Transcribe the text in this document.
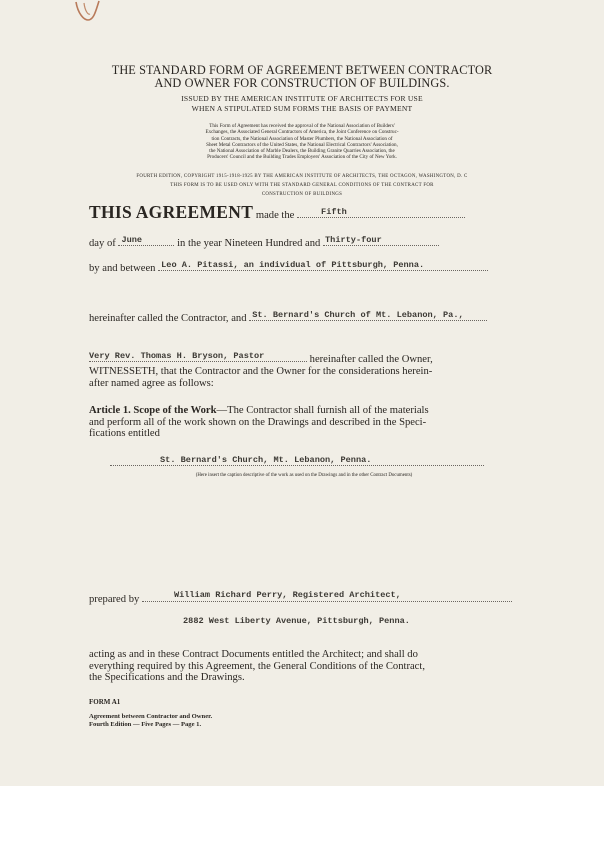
THE STANDARD FORM OF AGREEMENT BETWEEN CONTRACTOR
AND OWNER FOR CONSTRUCTION OF BUILDINGS.
ISSUED BY THE AMERICAN INSTITUTE OF ARCHITECTS FOR USE
WHEN A STIPULATED SUM FORMS THE BASIS OF PAYMENT
This Form of Agreement has received the approval of the National Association of Builders'
Exchanges, the Associated General Contractors of America, the Joint Conference on Construc-
tion Contracts, the National Association of Master Plumbers, the National Association of
Sheet Metal Contractors of the United States, the National Electrical Contractors' Association,
the National Association of Marble Dealers, the Building Granite Quarries Association, the
Producers' Council and the Building Trades Employers' Association of the City of New York.
FOURTH EDITION, COPYRIGHT 1915-1918-1925 BY THE AMERICAN INSTITUTE OF ARCHITECTS, THE OCTAGON, WASHINGTON, D. C
THIS FORM IS TO BE USED ONLY WITH THE STANDARD GENERAL CONDITIONS OF THE CONTRACT FOR
CONSTRUCTION OF BUILDINGS
THIS AGREEMENT made the	Fifth
day of June	in the year Nineteen Hundred and Thirty-four
by and between Leo A. Pitassi, an individual of Pittsburgh, Penna.
hereinafter called the Contractor, and St. Bernard's Church of Mt. Lebanon, Pa.,
Very Rev. Thomas H. Bryson, Pastor	hereinafter called the Owner,
WITNESSETH, that the Contractor and the Owner for the considerations herein-
after named agree as follows:
Article 1. Scope of the Work—The Contractor shall furnish all of the materials
and perform all of the work shown on the Drawings and described in the Speci-
fications entitled
St. Bernard's Church, Mt. Lebanon, Penna.
(Here insert the caption descriptive of the work as used on the Drawings and in the other Contract Documents)
prepared by	William Richard Perry, Registered Architect,
2882 West Liberty Avenue, Pittsburgh, Penna.
acting as and in these Contract Documents entitled the Architect; and shall do
everything required by this Agreement, the General Conditions of the Contract,
the Specifications and the Drawings.
FORM A1
Agreement between Contractor and Owner.
Fourth Edition — Five Pages — Page 1.
